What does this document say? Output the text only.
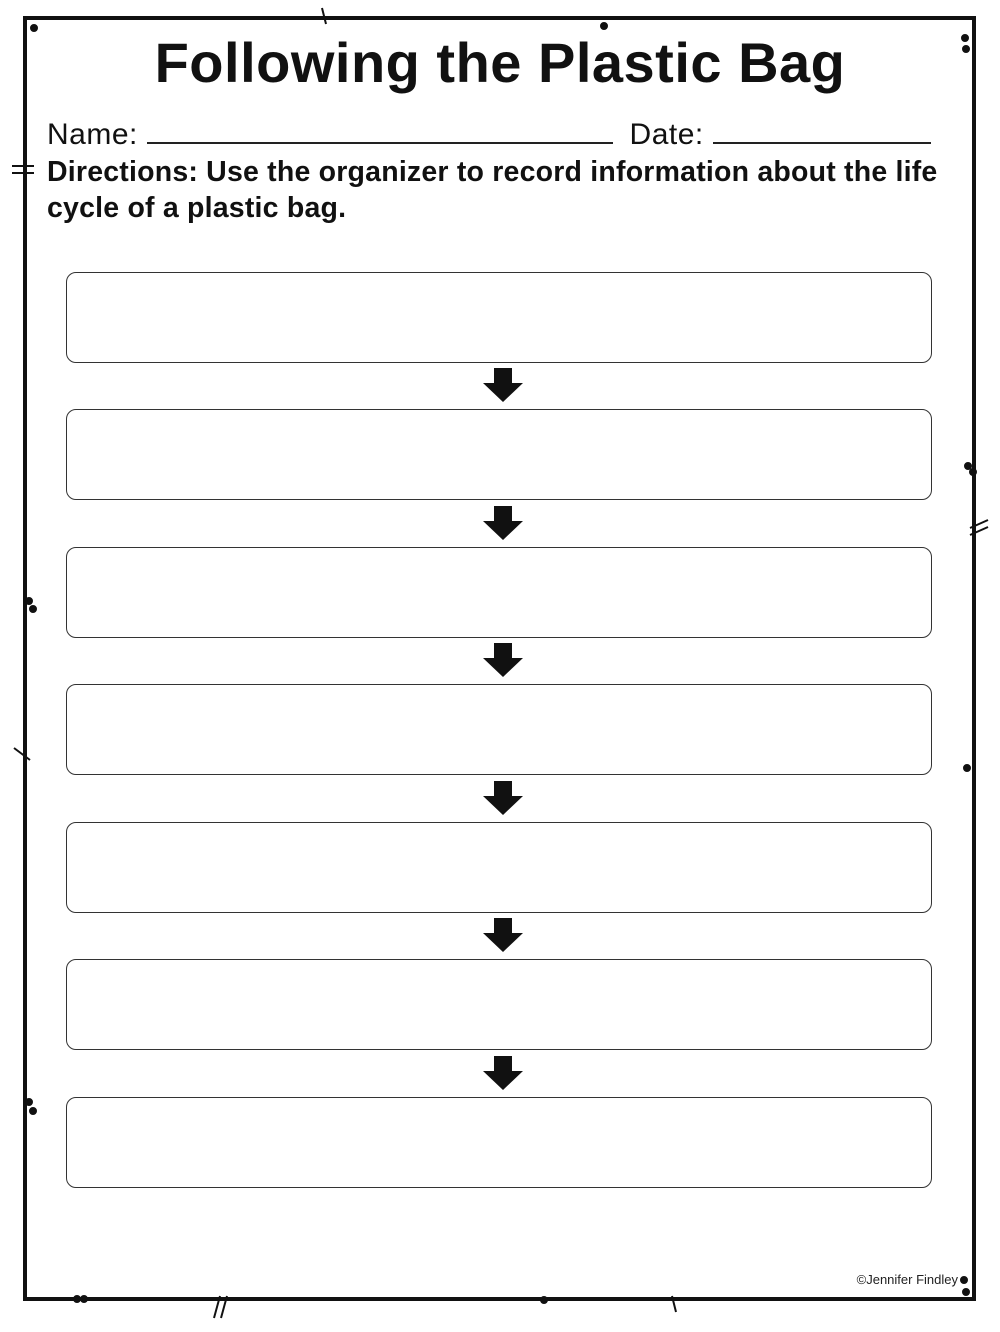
Following the Plastic Bag
Name:	Date:
Directions: Use the organizer to record information about the life cycle of a plastic bag.
©Jennifer Findley
